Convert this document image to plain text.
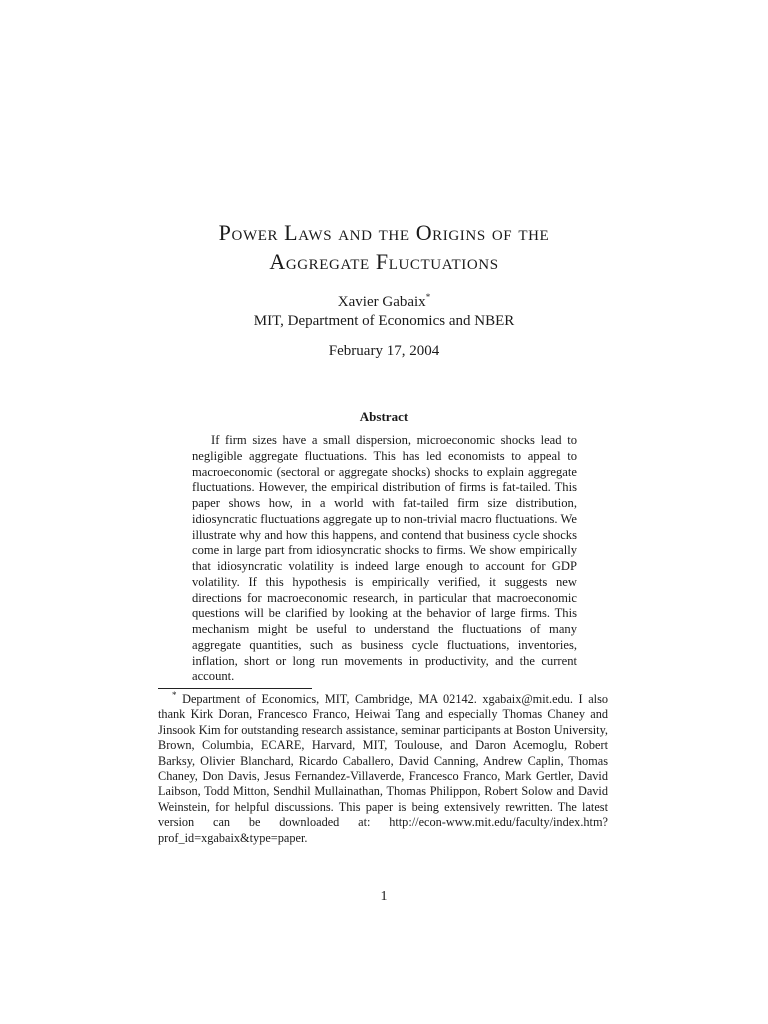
Power Laws and the Origins of the
Aggregate Fluctuations
Xavier Gabaix*
MIT, Department of Economics and NBER
February 17, 2004
Abstract
If firm sizes have a small dispersion, microeconomic shocks lead to negligible aggregate fluctuations. This has led economists to appeal to macroeconomic (sectoral or aggregate shocks) shocks to explain aggregate fluctuations. However, the empirical distribution of firms is fat-tailed. This paper shows how, in a world with fat-tailed firm size distribution, idiosyncratic fluctuations aggregate up to non-trivial macro fluctuations. We illustrate why and how this happens, and contend that business cycle shocks come in large part from idiosyncratic shocks to firms. We show empirically that idiosyncratic volatility is indeed large enough to account for GDP volatility. If this hypothesis is empirically verified, it suggests new directions for macroeconomic research, in particular that macroeconomic questions will be clarified by looking at the behavior of large firms. This mechanism might be useful to understand the fluctuations of many aggregate quantities, such as business cycle fluctuations, inventories, inflation, short or long run movements in productivity, and the current account.
* Department of Economics, MIT, Cambridge, MA 02142. xgabaix@mit.edu. I also thank Kirk Doran, Francesco Franco, Heiwai Tang and especially Thomas Chaney and Jinsook Kim for outstanding research assistance, seminar participants at Boston University, Brown, Columbia, ECARE, Harvard, MIT, Toulouse, and Daron Acemoglu, Robert Barksy, Olivier Blanchard, Ricardo Caballero, David Canning, Andrew Caplin, Thomas Chaney, Don Davis, Jesus Fernandez-Villaverde, Francesco Franco, Mark Gertler, David Laibson, Todd Mitton, Sendhil Mullainathan, Thomas Philippon, Robert Solow and David Weinstein, for helpful discussions. This paper is being extensively rewritten. The latest version can be downloaded at: http://econ-www.mit.edu/faculty/index.htm?prof_id=xgabaix&type=paper.
1
